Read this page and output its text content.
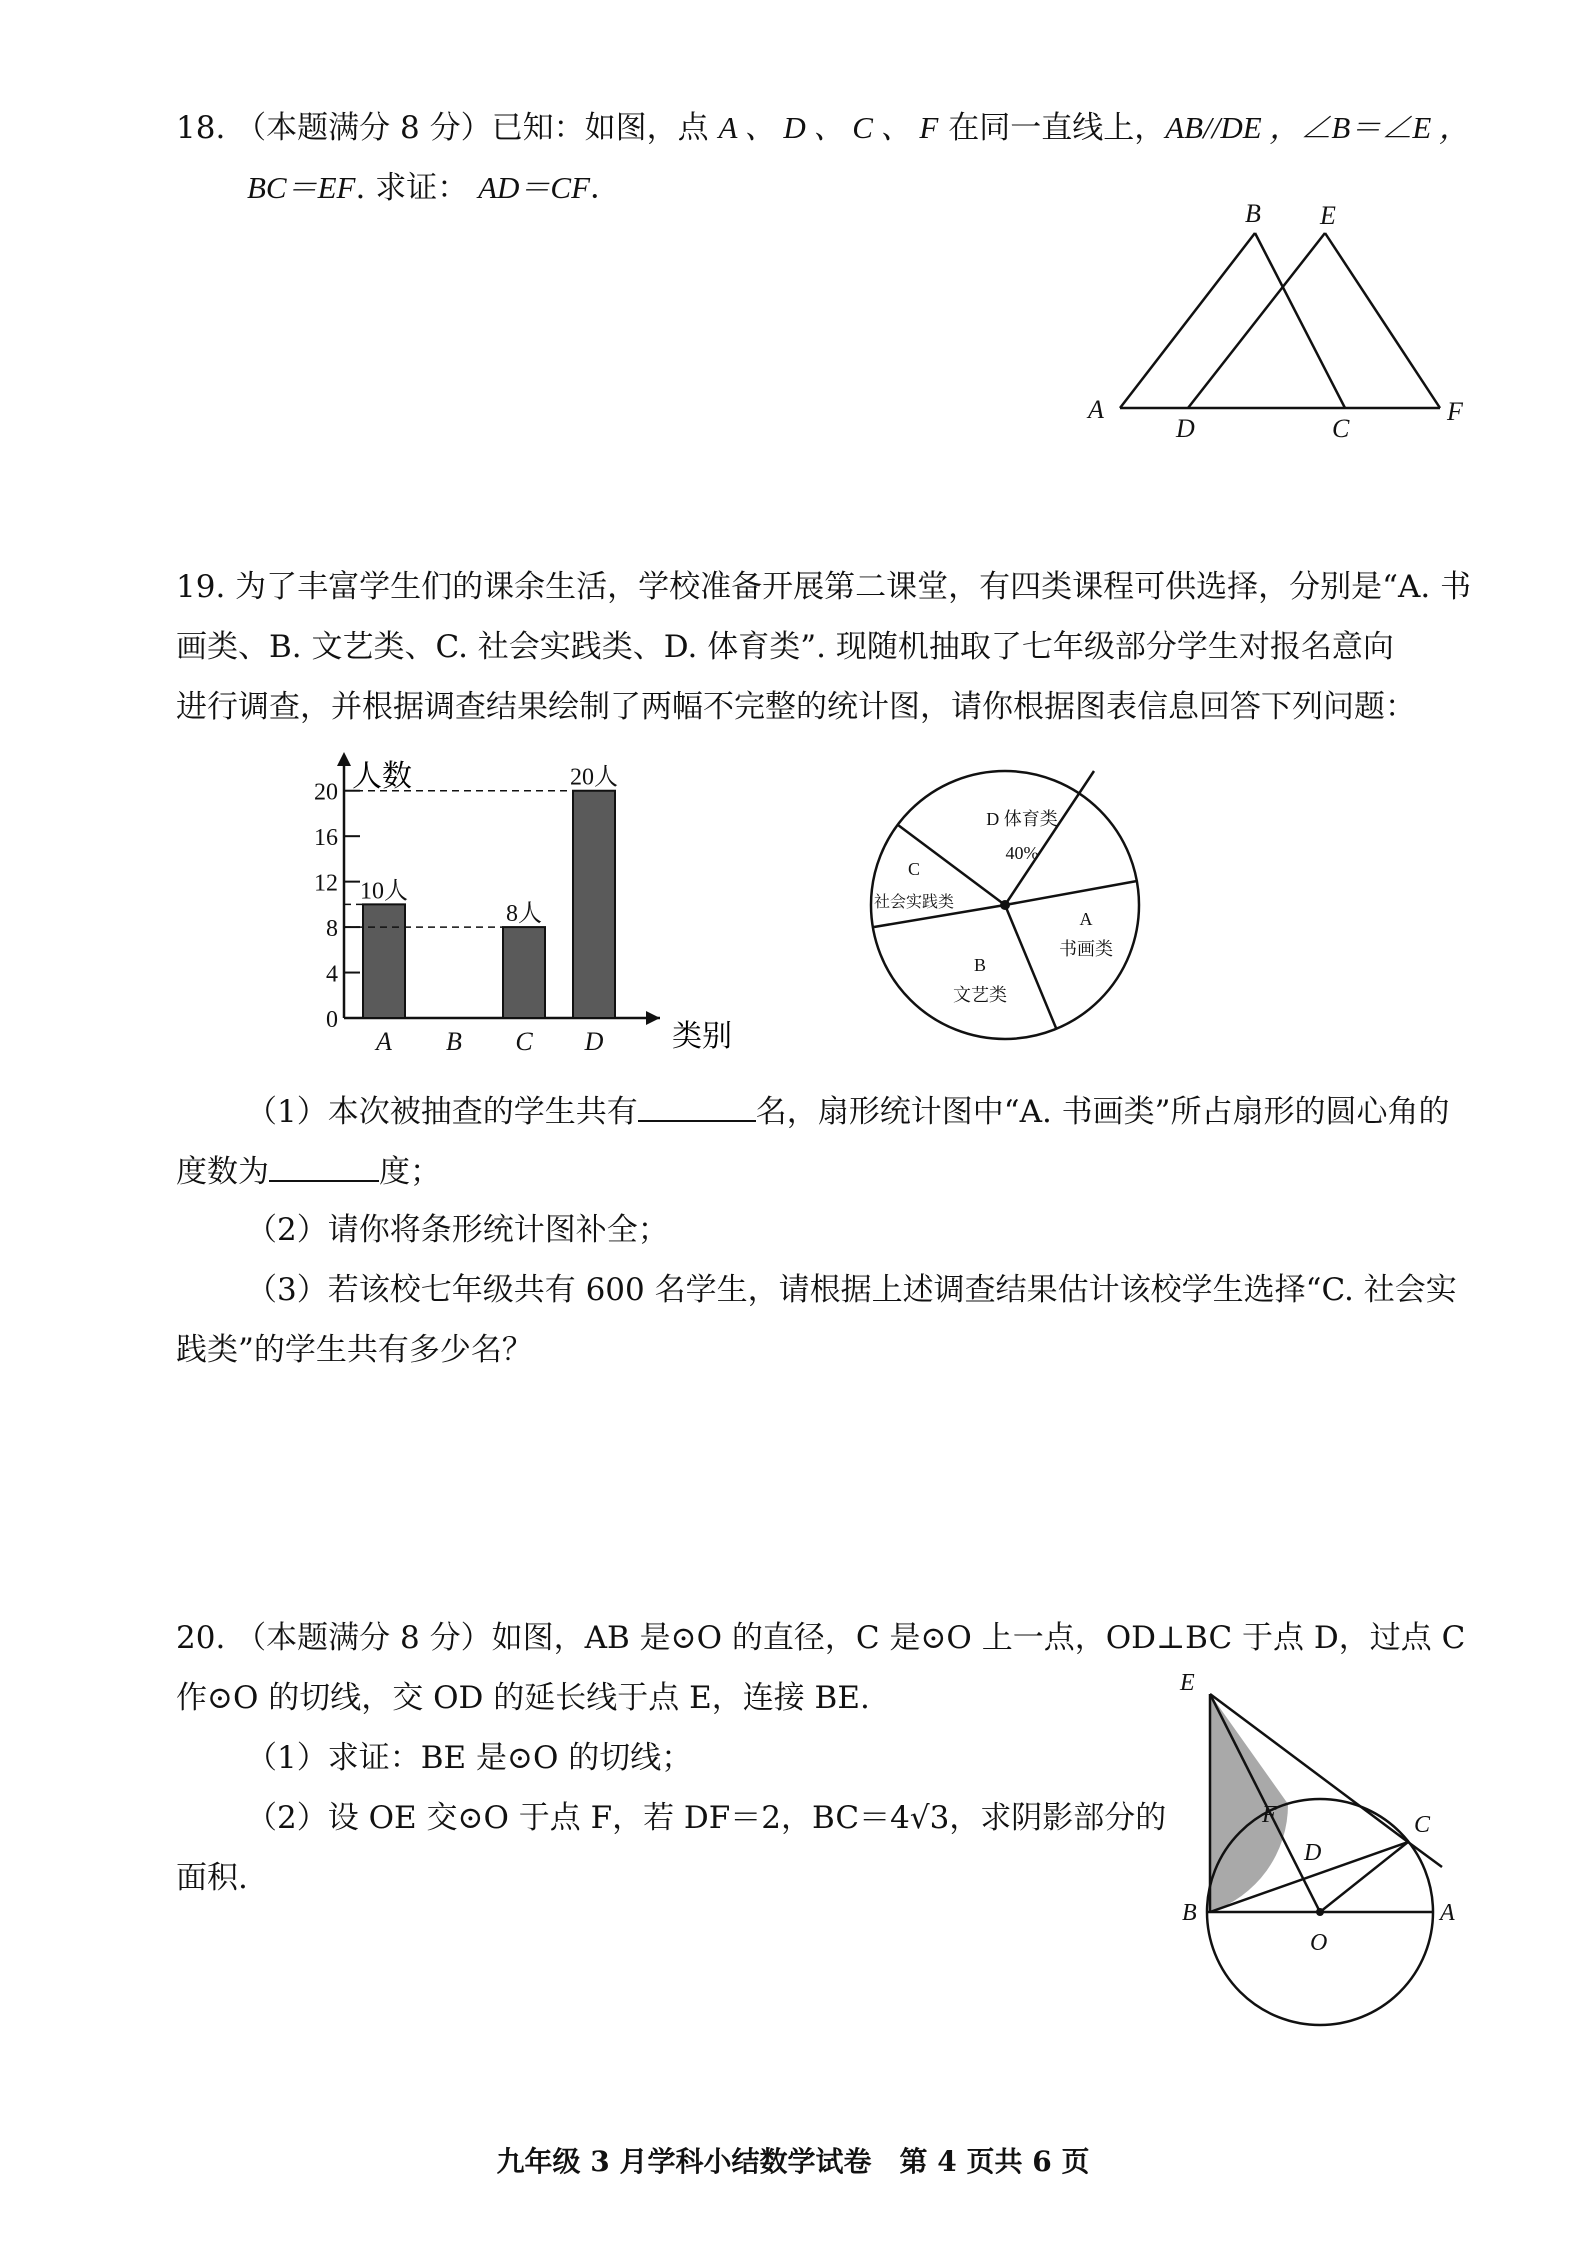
18. （本题满分 8 分）已知：如图，点 A 、 D 、 C 、 F 在同一直线上，AB//DE ，∠B＝∠E ，
BC＝EF. 求证： AD＝CF．
A
B
C
D
E
F
19. 为了丰富学生们的课余生活，学校准备开展第二课堂，有四类课程可供选择，分别是“A. 书
画类、B. 文艺类、C. 社会实践类、D. 体育类”. 现随机抽取了七年级部分学生对报名意向
进行调查，并根据调查结果绘制了两幅不完整的统计图，请你根据图表信息回答下列问题：
0
4
8
12
16
20
A
10人
B C
8人
D
20人
人数
类别
D 体育类
40%
A
书画类
B
文艺类
C
社会实践类
（1）本次被抽查的学生共有	名，扇形统计图中“A. 书画类”所占扇形的圆心角的
度数为	度；
（2）请你将条形统计图补全；
（3）若该校七年级共有 600 名学生，请根据上述调查结果估计该校学生选择“C. 社会实
践类”的学生共有多少名？
20. （本题满分 8 分）如图，AB 是⊙O 的直径，C 是⊙O 上一点，OD⊥BC 于点 D，过点 C
作⊙O 的切线，交 OD 的延长线于点 E，连接 BE.
（1）求证：BE 是⊙O 的切线；
（2）设 OE 交⊙O 于点 F，若 DF＝2，BC＝4√3，求阴影部分的
面积.
E
C
F
D
B	A
O
九年级 3 月学科小结数学试卷　第 4 页共 6 页
